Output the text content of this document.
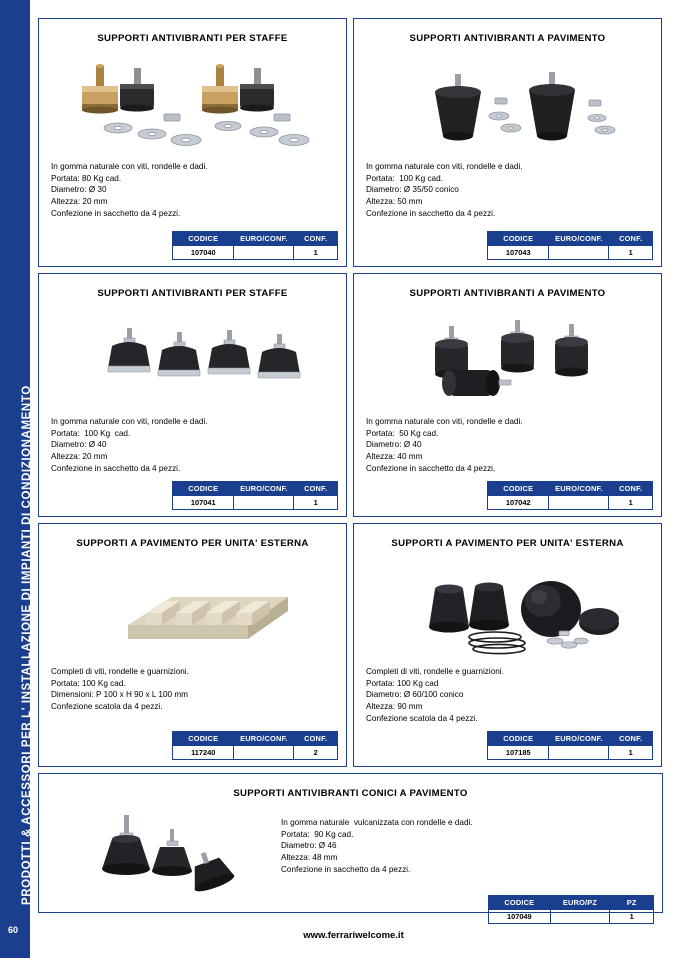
PRODOTTI & ACCESSORI PER L' INSTALLAZIONE DI IMPIANTI DI CONDIZIONAMENTO
60
SUPPORTI ANTIVIBRANTI PER STAFFE
In gomma naturale con viti, rondelle e dadi.
Portata: 80 Kg cad.
Diametro: Ø 30
Altezza: 20 mm
Confezione in sacchetto da 4 pezzi.
CODICE	EURO/CONF.	CONF.
107040		1
SUPPORTI ANTIVIBRANTI A PAVIMENTO
In gomma naturale con viti, rondelle e dadi.
Portata:  100 Kg cad.
Diametro: Ø 35/50 conico
Altezza: 50 mm
Confezione in sacchetto da 4 pezzi.
CODICE	EURO/CONF.	CONF.
107043		1
SUPPORTI ANTIVIBRANTI PER STAFFE
In gomma naturale con viti, rondelle e dadi.
Portata:  100 Kg  cad.
Diametro: Ø 40
Altezza: 20 mm
Confezione in sacchetto da 4 pezzi.
CODICE	EURO/CONF.	CONF.
107041		1
SUPPORTI ANTIVIBRANTI A PAVIMENTO
In gomma naturale con viti, rondelle e dadi.
Portata:  50 Kg cad.
Diametro: Ø 40
Altezza: 40 mm
Confezione in sacchetto da 4 pezzi.
CODICE	EURO/CONF.	CONF.
107042		1
SUPPORTI A PAVIMENTO PER UNITA' ESTERNA
Completi di viti, rondelle e guarnizioni.
Portata: 100 Kg cad.
Dimensioni: P 100 x H 90 x L 100 mm
Confezione scatola da 4 pezzi.
CODICE	EURO/CONF.	CONF.
117240		2
SUPPORTI A PAVIMENTO PER UNITA' ESTERNA
Completi di viti, rondelle e guarnizioni.
Portata: 100 Kg cad
Diametro: Ø 60/100 conico
Altezza: 90 mm
Confezione scatola da 4 pezzi.
CODICE	EURO/CONF.	CONF.
107185		1
SUPPORTI ANTIVIBRANTI CONICI A PAVIMENTO
In gomma naturale  vulcanizzata con rondelle e dadi.
Portata:  90 Kg cad.
Diametro: Ø 46
Altezza: 48 mm
Confezione in sacchetto da 4 pezzi.
CODICE	EURO/PZ	PZ
107049		1
www.ferrariwelcome.it
